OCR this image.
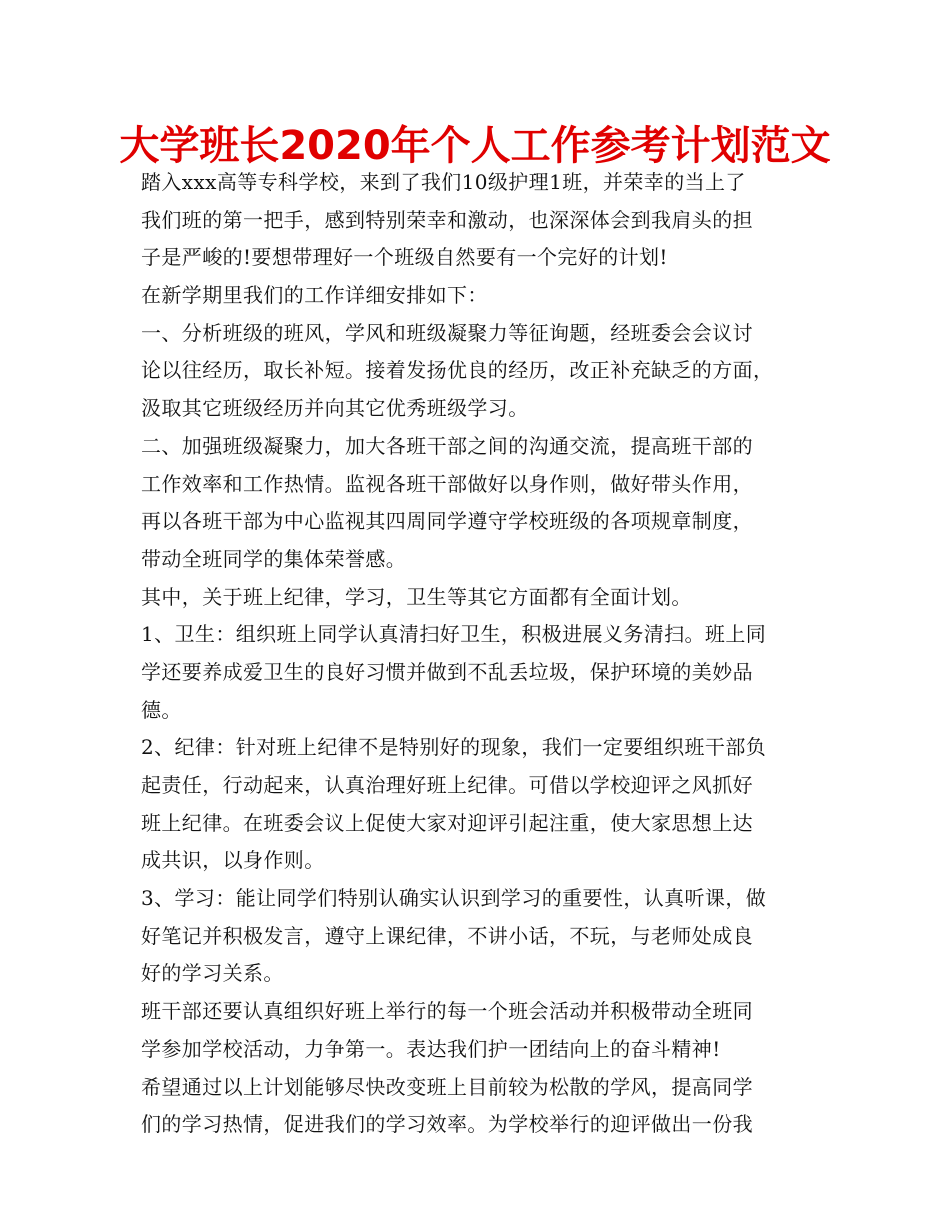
大学班长2020年个人工作参考计划范文
踏入xxx高等专科学校，来到了我们10级护理1班，并荣幸的当上了
我们班的第一把手，感到特别荣幸和激动，也深深体会到我肩头的担
子是严峻的!要想带理好一个班级自然要有一个完好的计划!
在新学期里我们的工作详细安排如下：
一、分析班级的班风，学风和班级凝聚力等征询题，经班委会会议讨
论以往经历，取长补短。接着发扬优良的经历，改正补充缺乏的方面，
汲取其它班级经历并向其它优秀班级学习。
二、加强班级凝聚力，加大各班干部之间的沟通交流，提高班干部的
工作效率和工作热情。监视各班干部做好以身作则，做好带头作用，
再以各班干部为中心监视其四周同学遵守学校班级的各项规章制度，
带动全班同学的集体荣誉感。
其中，关于班上纪律，学习，卫生等其它方面都有全面计划。
1、卫生：组织班上同学认真清扫好卫生，积极进展义务清扫。班上同
学还要养成爱卫生的良好习惯并做到不乱丢垃圾，保护环境的美妙品
德。
2、纪律：针对班上纪律不是特别好的现象，我们一定要组织班干部负
起责任，行动起来，认真治理好班上纪律。可借以学校迎评之风抓好
班上纪律。在班委会议上促使大家对迎评引起注重，使大家思想上达
成共识，以身作则。
3、学习：能让同学们特别认确实认识到学习的重要性，认真听课，做
好笔记并积极发言，遵守上课纪律，不讲小话，不玩，与老师处成良
好的学习关系。
班干部还要认真组织好班上举行的每一个班会活动并积极带动全班同
学参加学校活动，力争第一。表达我们护一团结向上的奋斗精神!
希望通过以上计划能够尽快改变班上目前较为松散的学风，提高同学
们的学习热情，促进我们的学习效率。为学校举行的迎评做出一份我
